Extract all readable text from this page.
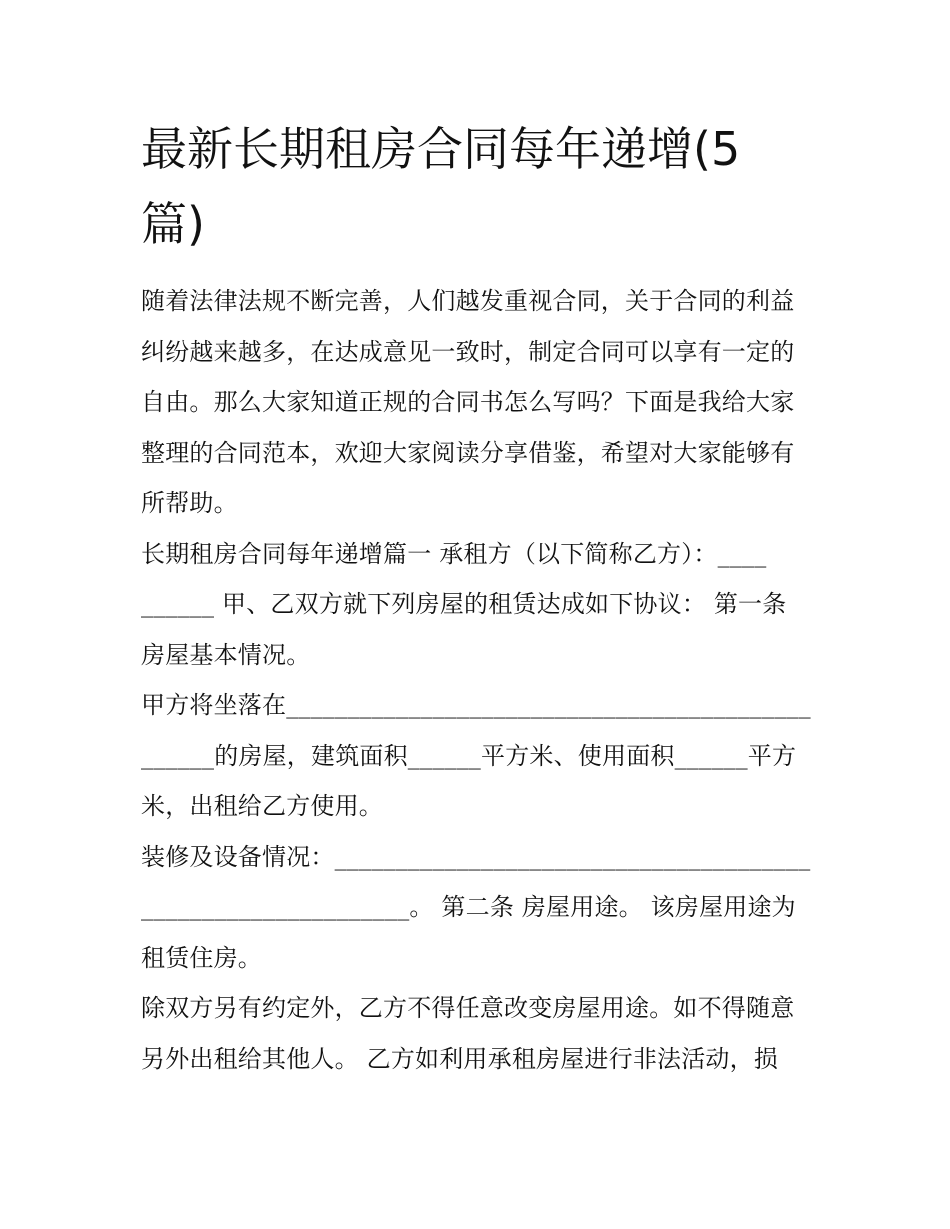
最新长期租房合同每年递增(5
篇)

随着法律法规不断完善，人们越发重视合同，关于合同的利益
纠纷越来越多，在达成意见一致时，制定合同可以享有一定的
自由。那么大家知道正规的合同书怎么写吗？下面是我给大家
整理的合同范本，欢迎大家阅读分享借鉴，希望对大家能够有
所帮助。

长期租房合同每年递增篇一 承租方（以下简称乙方）：____
______ 甲、乙双方就下列房屋的租赁达成如下协议： 第一条
房屋基本情况。

甲方将坐落在___________________________________________
______的房屋，建筑面积______平方米、使用面积______平方
米，出租给乙方使用。

装修及设备情况：_______________________________________
______________________。 第二条 房屋用途。 该房屋用途为
租赁住房。

除双方另有约定外，乙方不得任意改变房屋用途。如不得随意
另外出租给其他人。 乙方如利用承租房屋进行非法活动，损
